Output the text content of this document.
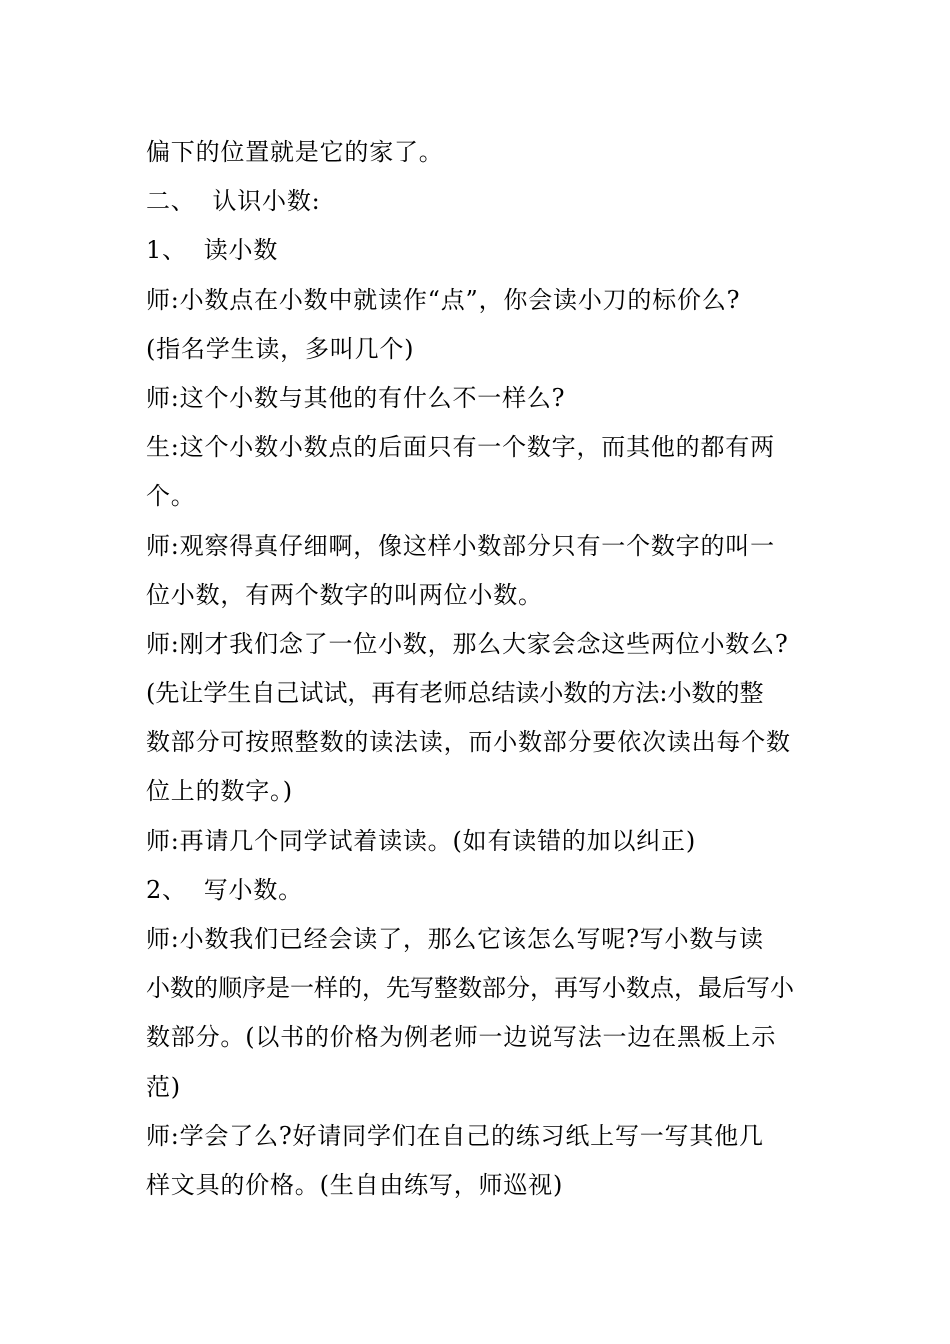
偏下的位置就是它的家了。
二、  认识小数:
1、  读小数
师:小数点在小数中就读作“点”，你会读小刀的标价么?
(指名学生读，多叫几个)
师:这个小数与其他的有什么不一样么?
生:这个小数小数点的后面只有一个数字，而其他的都有两
个。
师:观察得真仔细啊，像这样小数部分只有一个数字的叫一
位小数，有两个数字的叫两位小数。
师:刚才我们念了一位小数，那么大家会念这些两位小数么?
(先让学生自己试试，再有老师总结读小数的方法:小数的整
数部分可按照整数的读法读，而小数部分要依次读出每个数
位上的数字。)
师:再请几个同学试着读读。(如有读错的加以纠正)
2、  写小数。
师:小数我们已经会读了，那么它该怎么写呢?写小数与读
小数的顺序是一样的，先写整数部分，再写小数点，最后写小
数部分。(以书的价格为例老师一边说写法一边在黑板上示
范)
师:学会了么?好请同学们在自己的练习纸上写一写其他几
样文具的价格。(生自由练写，师巡视)
